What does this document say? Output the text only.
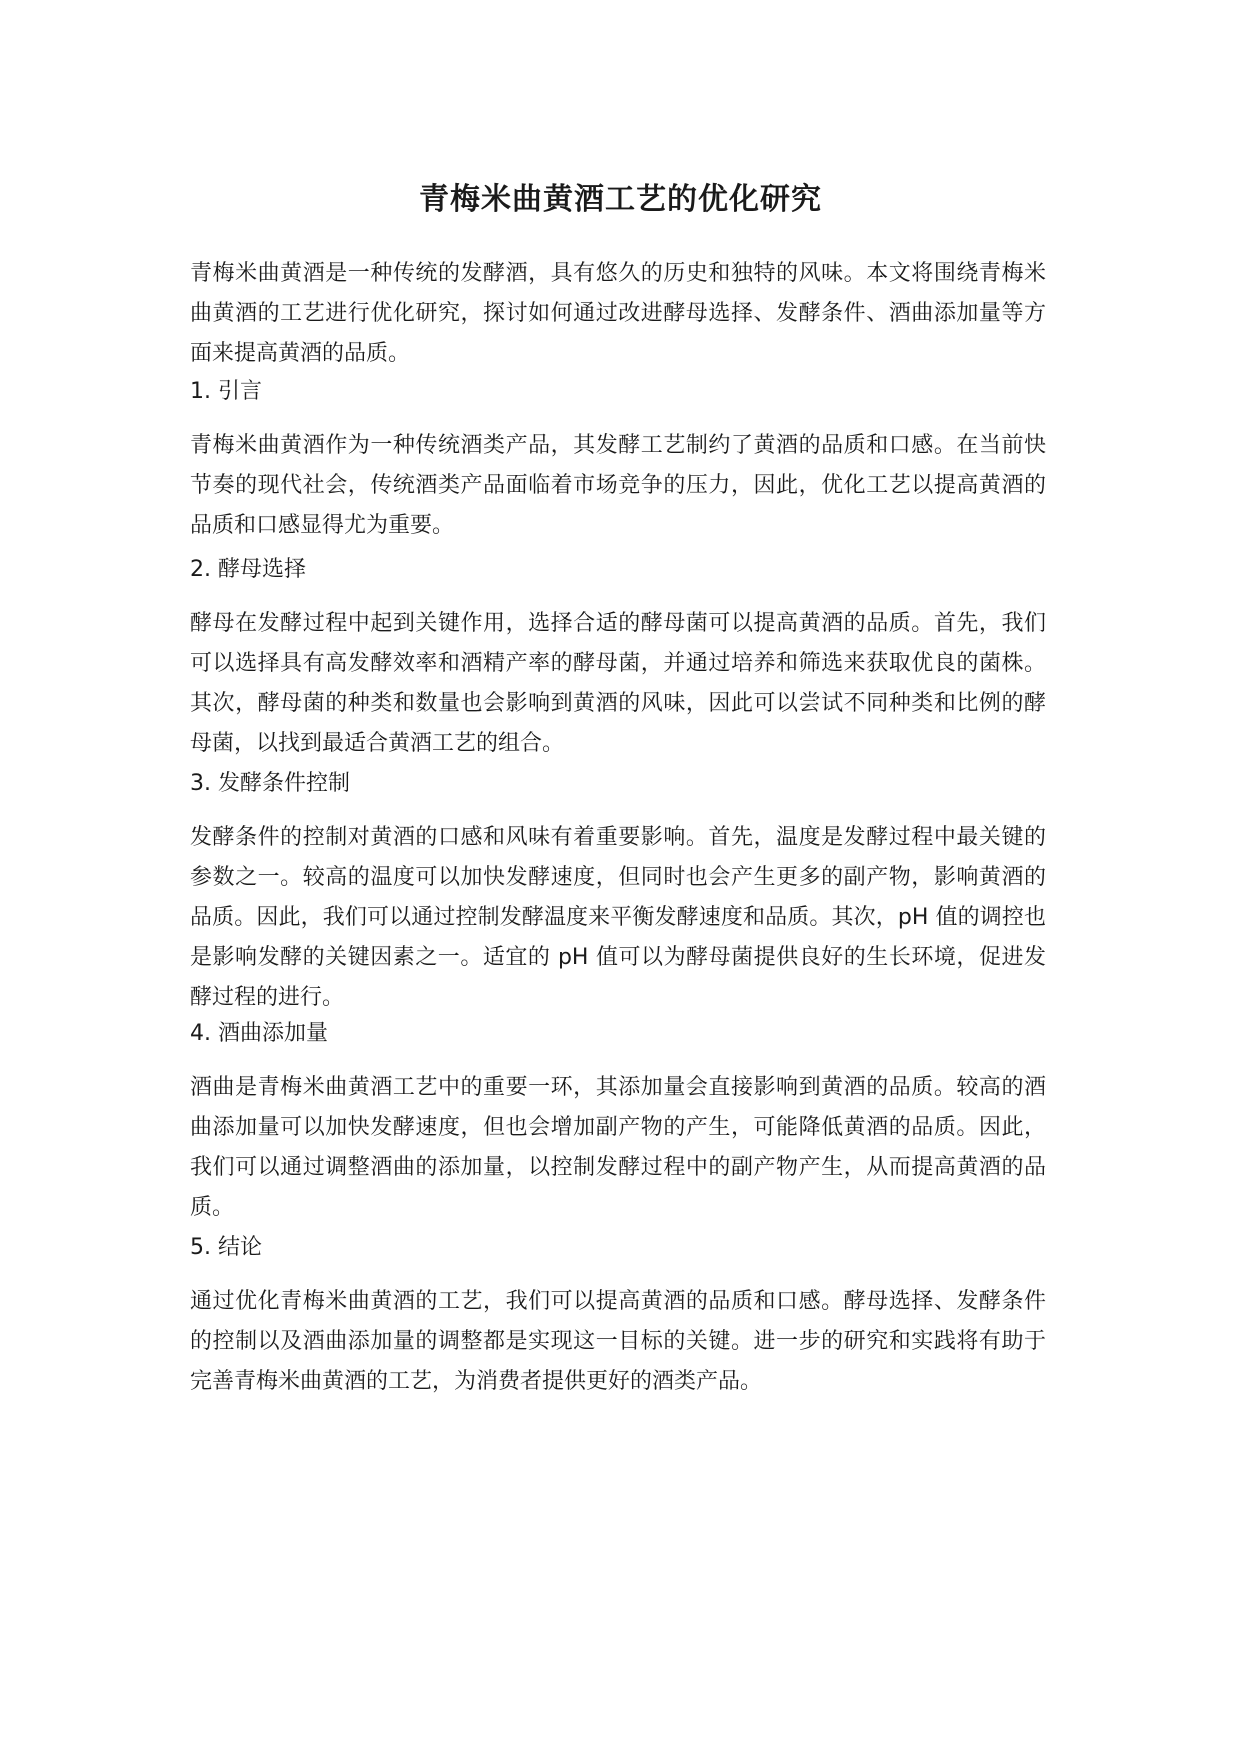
青梅米曲黄酒工艺的优化研究

青梅米曲黄酒是一种传统的发酵酒，具有悠久的历史和独特的风味。本文将围绕青梅米曲黄酒的工艺进行优化研究，探讨如何通过改进酵母选择、发酵条件、酒曲添加量等方面来提高黄酒的品质。

1. 引言

青梅米曲黄酒作为一种传统酒类产品，其发酵工艺制约了黄酒的品质和口感。在当前快节奏的现代社会，传统酒类产品面临着市场竞争的压力，因此，优化工艺以提高黄酒的品质和口感显得尤为重要。

2. 酵母选择

酵母在发酵过程中起到关键作用，选择合适的酵母菌可以提高黄酒的品质。首先，我们可以选择具有高发酵效率和酒精产率的酵母菌，并通过培养和筛选来获取优良的菌株。其次，酵母菌的种类和数量也会影响到黄酒的风味，因此可以尝试不同种类和比例的酵母菌，以找到最适合黄酒工艺的组合。

3. 发酵条件控制

发酵条件的控制对黄酒的口感和风味有着重要影响。首先，温度是发酵过程中最关键的参数之一。较高的温度可以加快发酵速度，但同时也会产生更多的副产物，影响黄酒的品质。因此，我们可以通过控制发酵温度来平衡发酵速度和品质。其次，pH 值的调控也是影响发酵的关键因素之一。适宜的 pH 值可以为酵母菌提供良好的生长环境，促进发酵过程的进行。

4. 酒曲添加量

酒曲是青梅米曲黄酒工艺中的重要一环，其添加量会直接影响到黄酒的品质。较高的酒曲添加量可以加快发酵速度，但也会增加副产物的产生，可能降低黄酒的品质。因此，我们可以通过调整酒曲的添加量，以控制发酵过程中的副产物产生，从而提高黄酒的品质。

5. 结论

通过优化青梅米曲黄酒的工艺，我们可以提高黄酒的品质和口感。酵母选择、发酵条件的控制以及酒曲添加量的调整都是实现这一目标的关键。进一步的研究和实践将有助于完善青梅米曲黄酒的工艺，为消费者提供更好的酒类产品。
